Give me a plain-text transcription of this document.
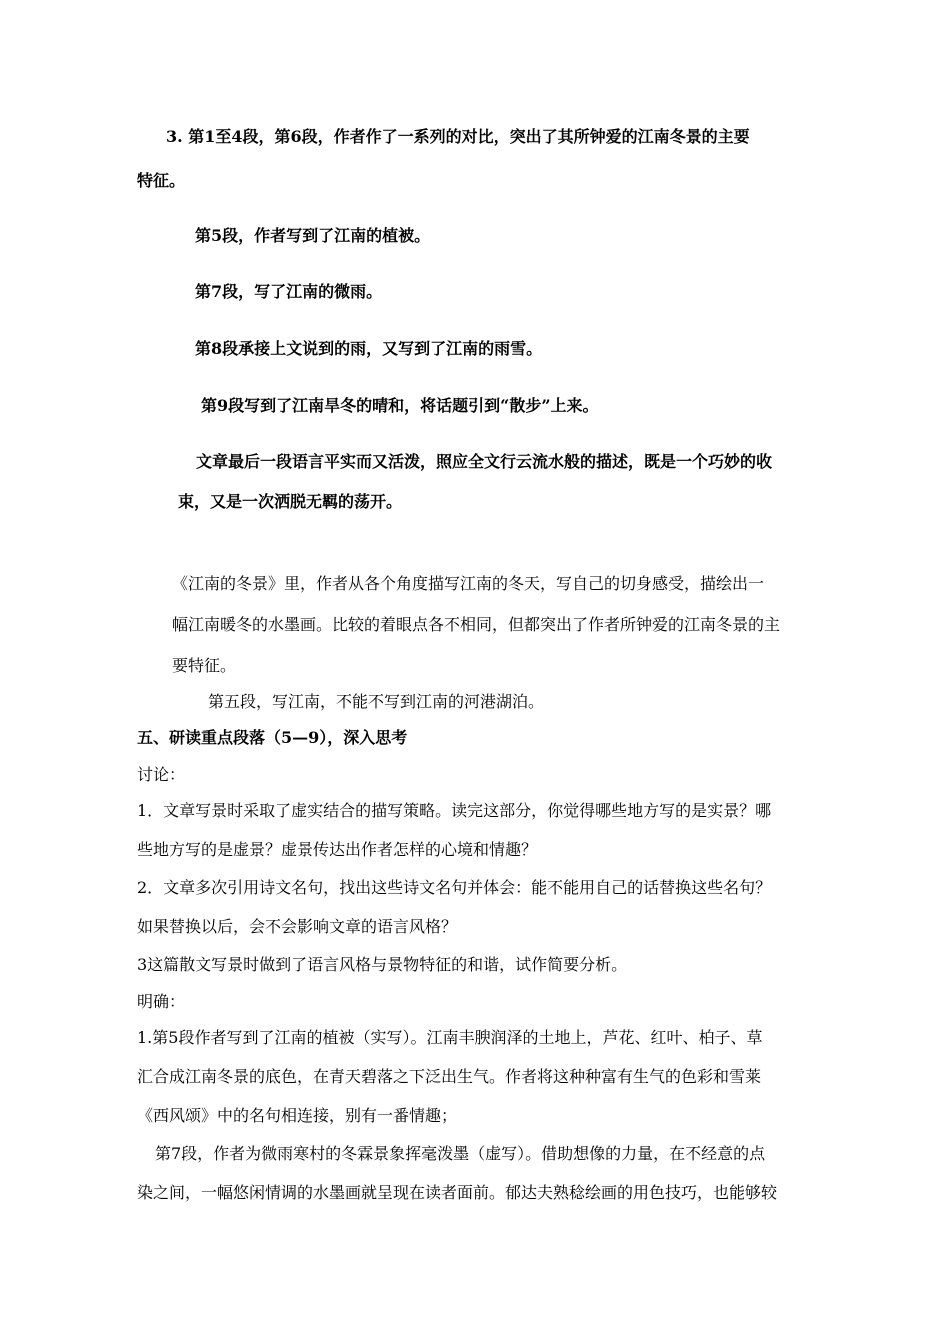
3. 第1至4段，第6段，作者作了一系列的对比，突出了其所钟爱的江南冬景的主要
特征。
第5段，作者写到了江南的植被。
第7段，写了江南的微雨。
第8段承接上文说到的雨，又写到了江南的雨雪。
第9段写到了江南旱冬的晴和，将话题引到“散步”上来。
文章最后一段语言平实而又活泼，照应全文行云流水般的描述，既是一个巧妙的收
束，又是一次洒脱无羁的荡开。
《江南的冬景》里，作者从各个角度描写江南的冬天，写自己的切身感受，描绘出一
幅江南暖冬的水墨画。比较的着眼点各不相同，但都突出了作者所钟爱的江南冬景的主
要特征。
第五段，写江南，不能不写到江南的河港湖泊。
五、研读重点段落（5—9），深入思考
讨论：
1．文章写景时采取了虚实结合的描写策略。读完这部分，你觉得哪些地方写的是实景？哪
些地方写的是虚景？虚景传达出作者怎样的心境和情趣？
2．文章多次引用诗文名句，找出这些诗文名句并体会：能不能用自己的话替换这些名句？
如果替换以后，会不会影响文章的语言风格？
3这篇散文写景时做到了语言风格与景物特征的和谐，试作简要分析。
明确：
1.第5段作者写到了江南的植被（实写）。江南丰腴润泽的土地上，芦花、红叶、柏子、草
汇合成江南冬景的底色，在青天碧落之下泛出生气。作者将这种种富有生气的色彩和雪莱
《西风颂》中的名句相连接，别有一番情趣；
第7段，作者为微雨寒村的冬霖景象挥毫泼墨（虚写）。借助想像的力量，在不经意的点
染之间，一幅悠闲情调的水墨画就呈现在读者面前。郁达夫熟稔绘画的用色技巧，也能够较
